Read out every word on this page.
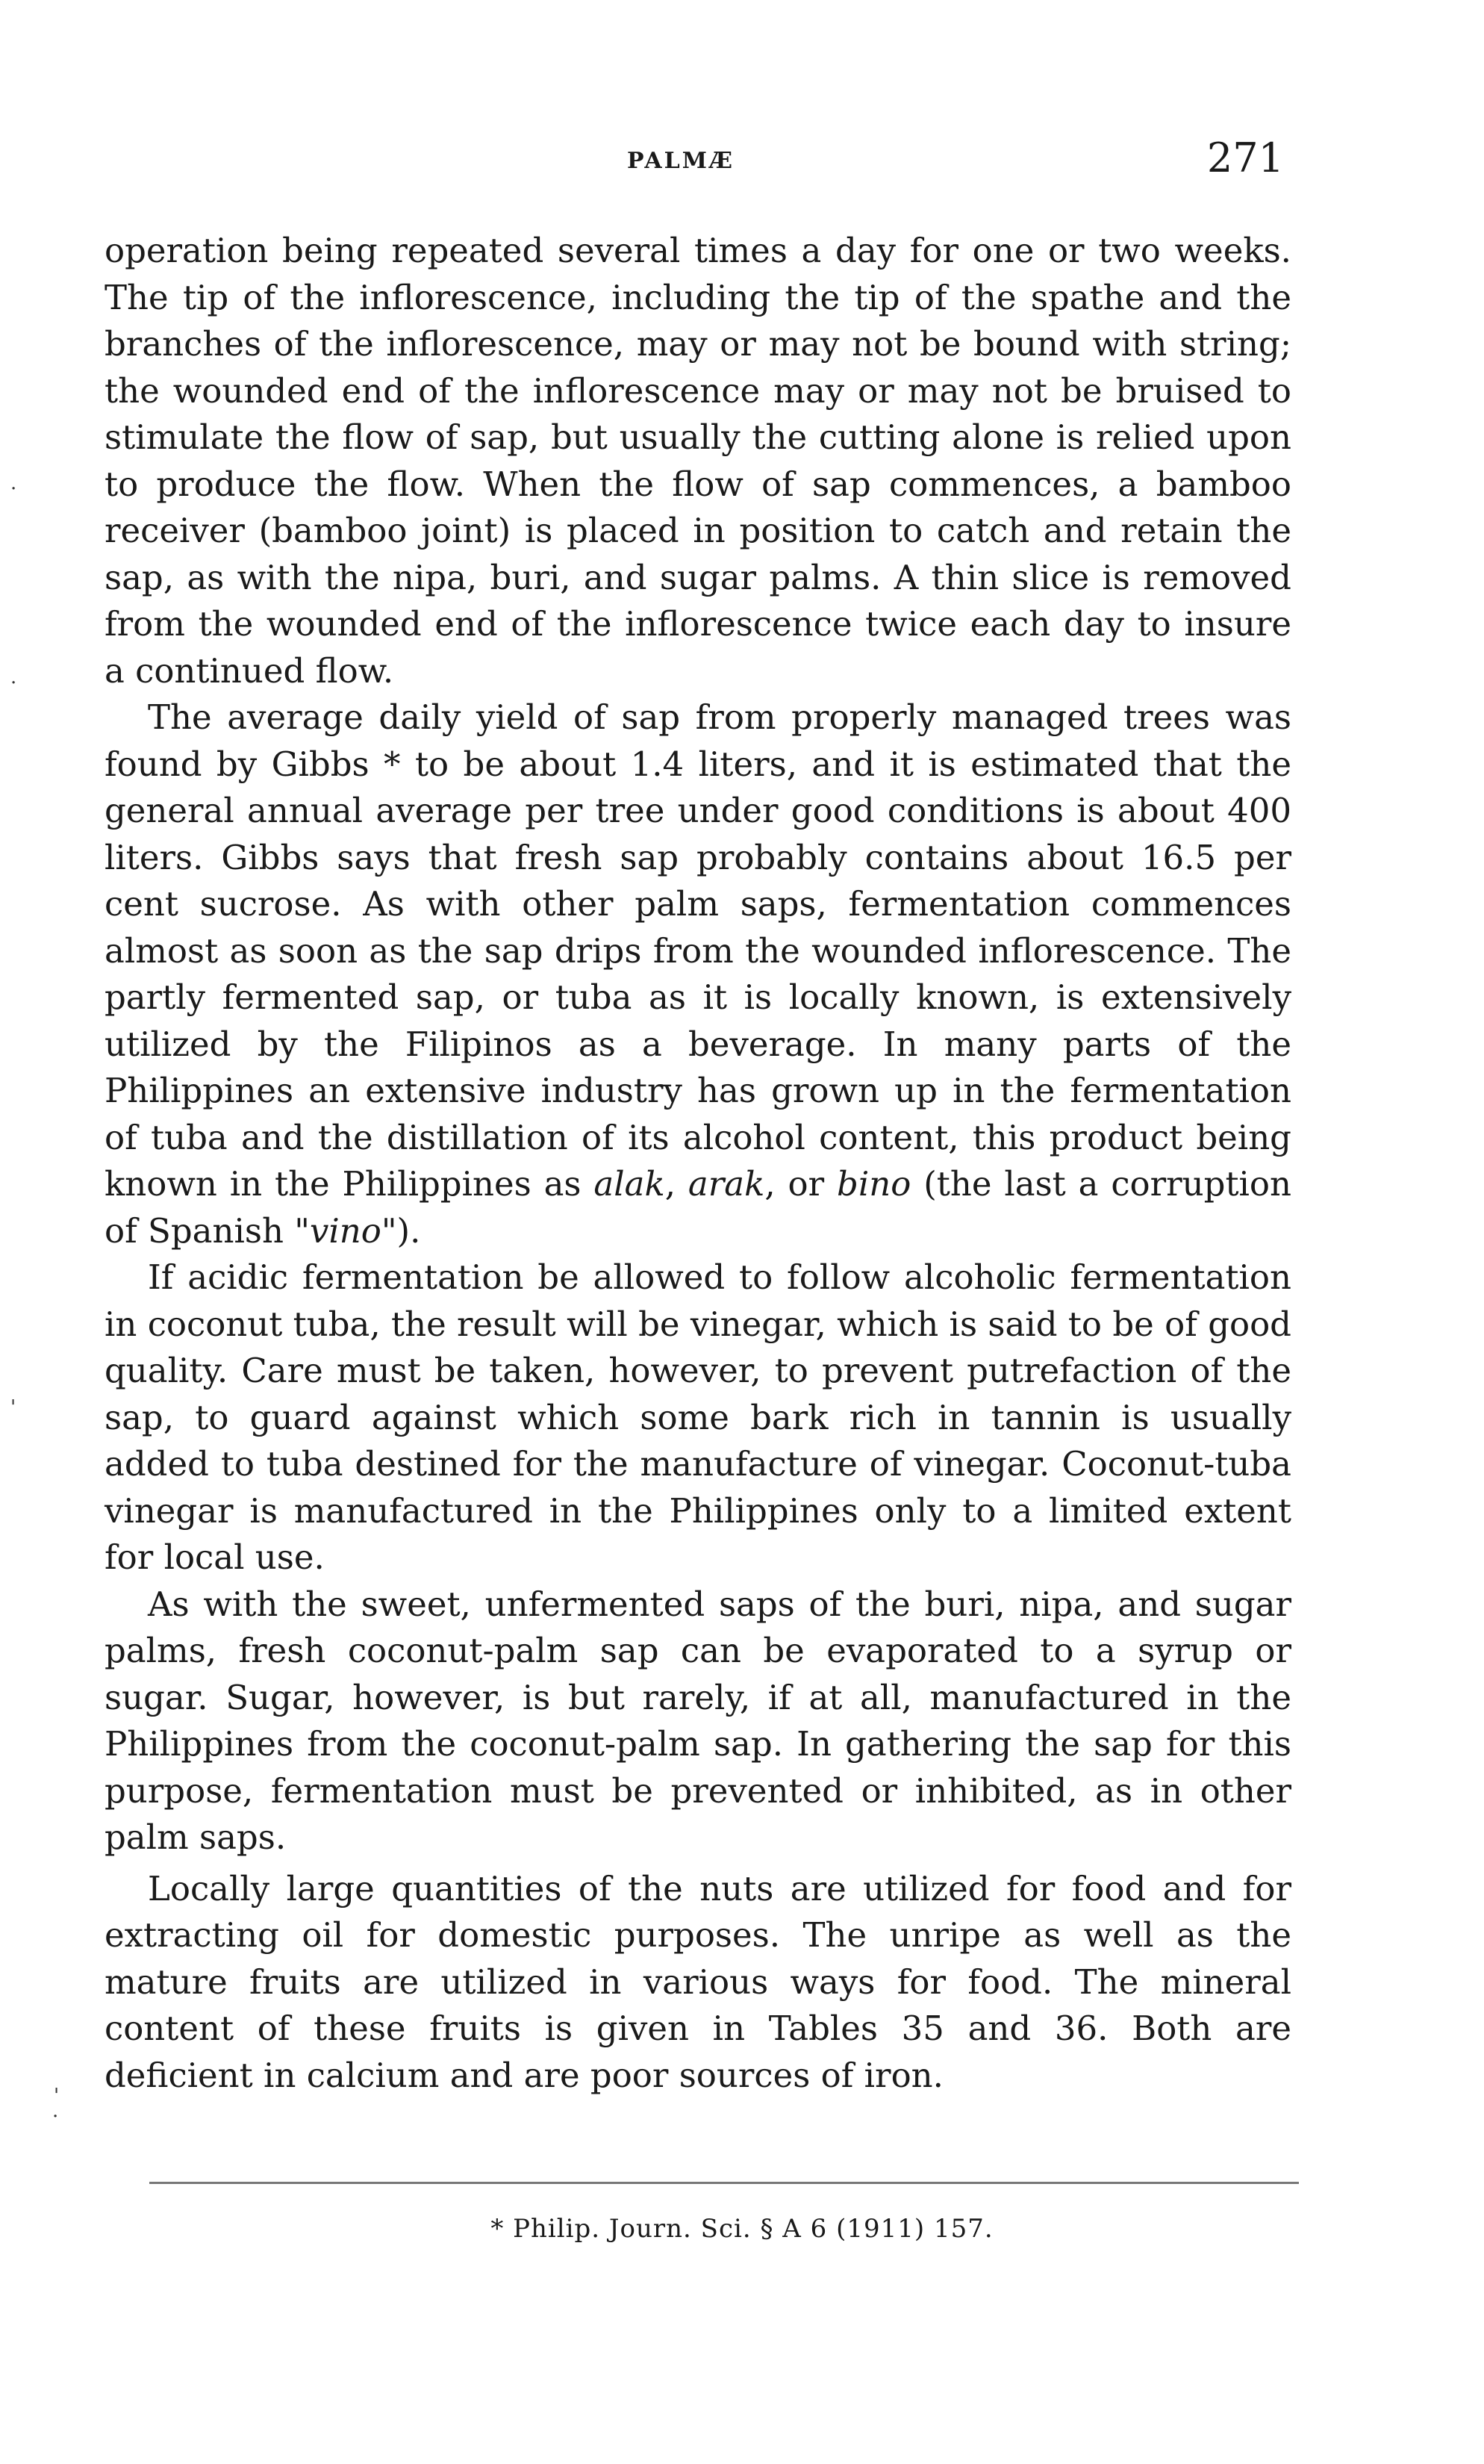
PALMÆ	271

operation being repeated several times a day for one or two weeks. The tip of the inflorescence, including the tip of the spathe and the branches of the inflorescence, may or may not be bound with string; the wounded end of the inflorescence may or may not be bruised to stimulate the flow of sap, but usually the cutting alone is relied upon to produce the flow. When the flow of sap commences, a bamboo receiver (bamboo joint) is placed in position to catch and retain the sap, as with the nipa, buri, and sugar palms. A thin slice is removed from the wounded end of the inflorescence twice each day to insure a continued flow.

The average daily yield of sap from properly managed trees was found by Gibbs * to be about 1.4 liters, and it is estimated that the general annual average per tree under good conditions is about 400 liters. Gibbs says that fresh sap probably contains about 16.5 per cent sucrose. As with other palm saps, fermentation commences almost as soon as the sap drips from the wounded inflorescence. The partly fermented sap, or tuba as it is locally known, is extensively utilized by the Filipinos as a beverage. In many parts of the Philippines an extensive industry has grown up in the fermentation of tuba and the distillation of its alcohol content, this product being known in the Philippines as alak, arak, or bino (the last a corruption of Spanish "vino").

If acidic fermentation be allowed to follow alcoholic fermentation in coconut tuba, the result will be vinegar, which is said to be of good quality. Care must be taken, however, to prevent putrefaction of the sap, to guard against which some bark rich in tannin is usually added to tuba destined for the manufacture of vinegar. Coconut-tuba vinegar is manufactured in the Philippines only to a limited extent for local use.

As with the sweet, unfermented saps of the buri, nipa, and sugar palms, fresh coconut-palm sap can be evaporated to a syrup or sugar. Sugar, however, is but rarely, if at all, manufactured in the Philippines from the coconut-palm sap. In gathering the sap for this purpose, fermentation must be prevented or inhibited, as in other palm saps.

Locally large quantities of the nuts are utilized for food and for extracting oil for domestic purposes. The unripe as well as the mature fruits are utilized in various ways for food. The mineral content of these fruits is given in Tables 35 and 36. Both are deficient in calcium and are poor sources of iron.

* Philip. Journ. Sci. § A 6 (1911) 157.
·
·
'
·
'
